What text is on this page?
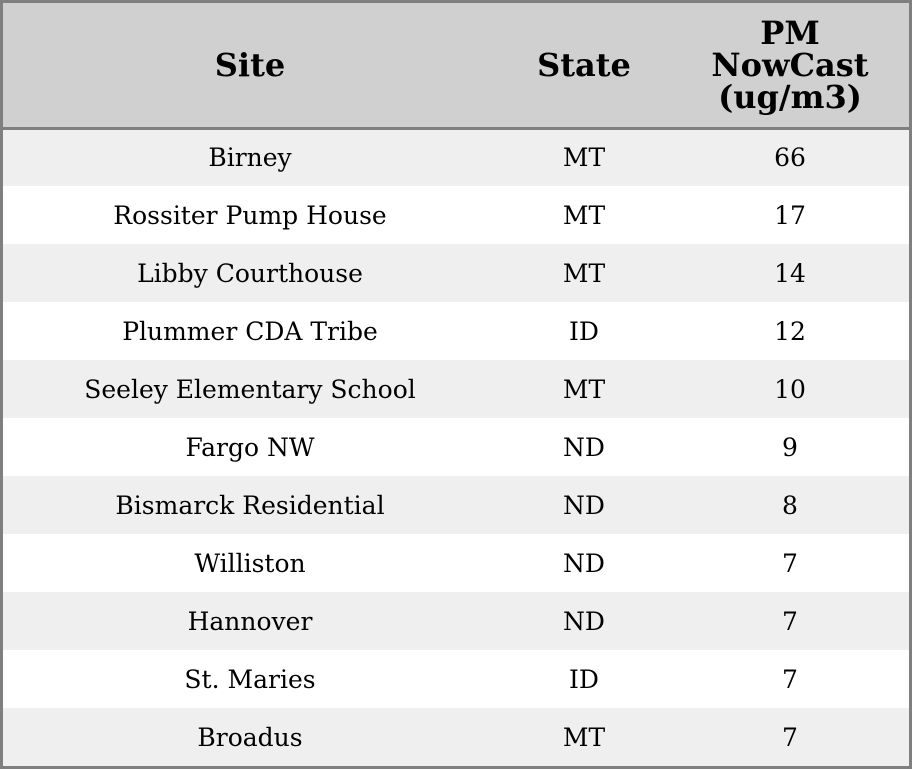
Site	State	PM
NowCast
(ug/m3)

Birney	MT	66
Rossiter Pump House	MT	17
Libby Courthouse	MT	14
Plummer CDA Tribe	ID	12
Seeley Elementary School	MT	10
Fargo NW	ND	9
Bismarck Residential	ND	8
Williston	ND	7
Hannover	ND	7
St. Maries	ID	7
Broadus	MT	7
